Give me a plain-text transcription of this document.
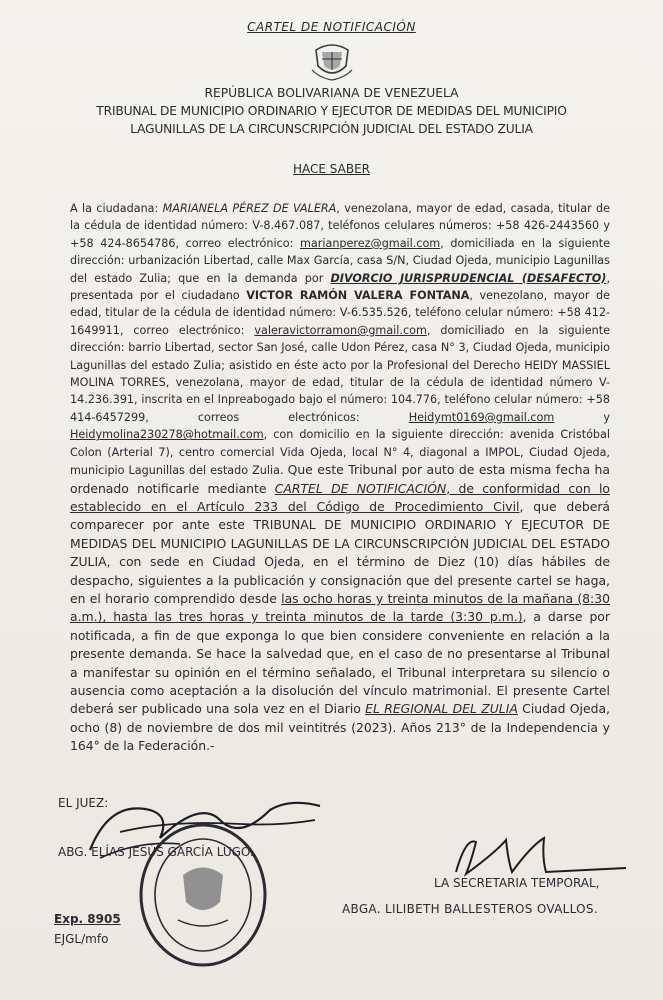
CARTEL DE NOTIFICACIÓN
REPÚBLICA BOLIVARIANA DE VENEZUELA
TRIBUNAL DE MUNICIPIO ORDINARIO Y EJECUTOR DE MEDIDAS DEL MUNICIPIO
LAGUNILLAS DE LA CIRCUNSCRIPCIÓN JUDICIAL DEL ESTADO ZULIA
HACE SABER

A la ciudadana: MARIANELA PÉREZ DE VALERA, venezolana, mayor de edad, casada, titular de la cédula de identidad número: V-8.467.087, teléfonos celulares números: +58 426-2443560 y +58 424-8654786, correo electrónico: marianperez@gmail.com, domiciliada en la siguiente dirección: urbanización Libertad, calle Max García, casa S/N, Ciudad Ojeda, municipio Lagunillas del estado Zulia; que en la demanda por DIVORCIO JURISPRUDENCIAL (DESAFECTO), presentada por el ciudadano VICTOR RAMÓN VALERA FONTANA, venezolano, mayor de edad, titular de la cédula de identidad número: V-6.535.526, teléfono celular número: +58 412-1649911, correo electrónico: valeravictorramon@gmail.com, domiciliado en la siguiente dirección: barrio Libertad, sector San José, calle Udon Pérez, casa N° 3, Ciudad Ojeda, municipio Lagunillas del estado Zulia; asistido en éste acto por la Profesional del Derecho HEIDY MASSIEL MOLINA TORRES, venezolana, mayor de edad, titular de la cédula de identidad número V-14.236.391, inscrita en el Inpreabogado bajo el número: 104.776, teléfono celular número: +58 414-6457299, correos electrónicos: Heidymt0169@gmail.com y Heidymolina230278@hotmail.com, con domicilio en la siguiente dirección: avenida Cristóbal Colon (Arterial 7), centro comercial Vida Ojeda, local N° 4, diagonal a IMPOL, Ciudad Ojeda, municipio Lagunillas del estado Zulia. Que este Tribunal por auto de esta misma fecha ha ordenado notificarle mediante CARTEL DE NOTIFICACIÓN, de conformidad con lo establecido en el Artículo 233 del Código de Procedimiento Civil, que deberá comparecer por ante este TRIBUNAL DE MUNICIPIO ORDINARIO Y EJECUTOR DE MEDIDAS DEL MUNICIPIO LAGUNILLAS DE LA CIRCUNSCRIPCIÓN JUDICIAL DEL ESTADO ZULIA, con sede en Ciudad Ojeda, en el término de Diez (10) días hábiles de despacho, siguientes a la publicación y consignación que del presente cartel se haga, en el horario comprendido desde las ocho horas y treinta minutos de la mañana (8:30 a.m.), hasta las tres horas y treinta minutos de la tarde (3:30 p.m.), a darse por notificada, a fin de que exponga lo que bien considere conveniente en relación a la presente demanda. Se hace la salvedad que, en el caso de no presentarse al Tribunal a manifestar su opinión en el término señalado, el Tribunal interpretara su silencio o ausencia como aceptación a la disolución del vínculo matrimonial. El presente Cartel deberá ser publicado una sola vez en el Diario EL REGIONAL DEL ZULIA Ciudad Ojeda, ocho (8) de noviembre de dos mil veintitrés (2023). Años 213° de la Independencia y 164° de la Federación.-

EL JUEZ:
ABG. ELÍAS JESÚS GARCÍA LUGO.
LA SECRETARIA TEMPORAL,
ABGA. LILIBETH BALLESTEROS OVALLOS.
Exp. 8905
EJGL/mfo
